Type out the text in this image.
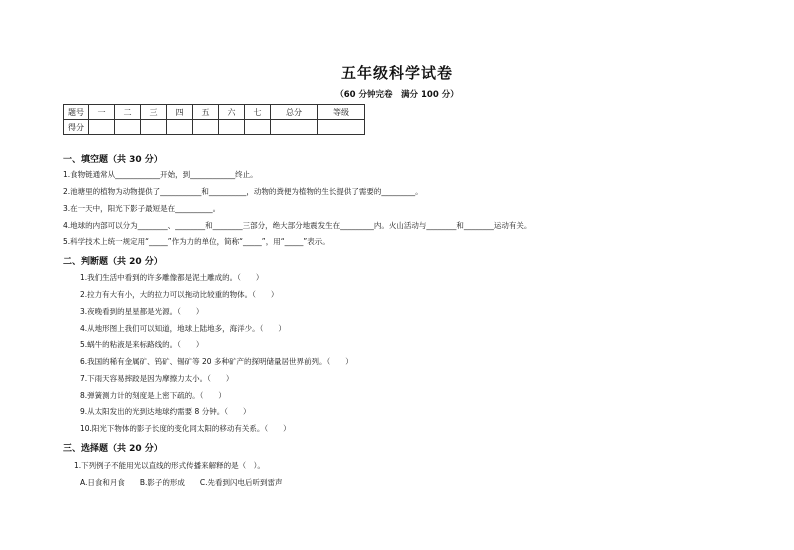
五年级科学试卷
（60 分钟完卷　满分 100 分）
题号	一	二	三	四	五	六	七	总分	等级
得分									
一、填空题（共 30 分）
1.食物链通常从____________开始，到____________终止。
2.池塘里的植物为动物提供了___________和__________，动物的粪便为植物的生长提供了需要的_________。
3.在一天中，阳光下影子最短是在__________。
4.地球的内部可以分为________、________和________三部分，绝大部分地震发生在_________内。火山活动与________和________运动有关。
5.科学技术上统一规定用“_____”作为力的单位，简称“_____”，用“_____”表示。
二、判断题（共 20 分）
1.我们生活中看到的许多雕像都是泥土雕成的。（　　）
2.拉力有大有小，大的拉力可以拖动比较重的物体。（　　）
3.夜晚看到的星星都是光源。（　　）
4.从地形图上我们可以知道，地球上陆地多，海洋少。（　　）
5.蜗牛的粘液是来标路线的。（　　）
6.我国的稀有金属矿、钨矿、锡矿等 20 多种矿产的探明储量居世界前列。（　　）
7.下雨天容易摔跤是因为摩擦力太小。（　　）
8.弹簧测力计的刻度是上密下疏的。（　　）
9.从太阳发出的光到达地球约需要 8 分钟。（　　）
10.阳光下物体的影子长度的变化同太阳的移动有关系。（　　）
三、选择题（共 20 分）
1.下列例子不能用光以直线的形式传播来解释的是（　）。
A.日食和月食　　B.影子的形成　　C.先看到闪电后听到雷声
